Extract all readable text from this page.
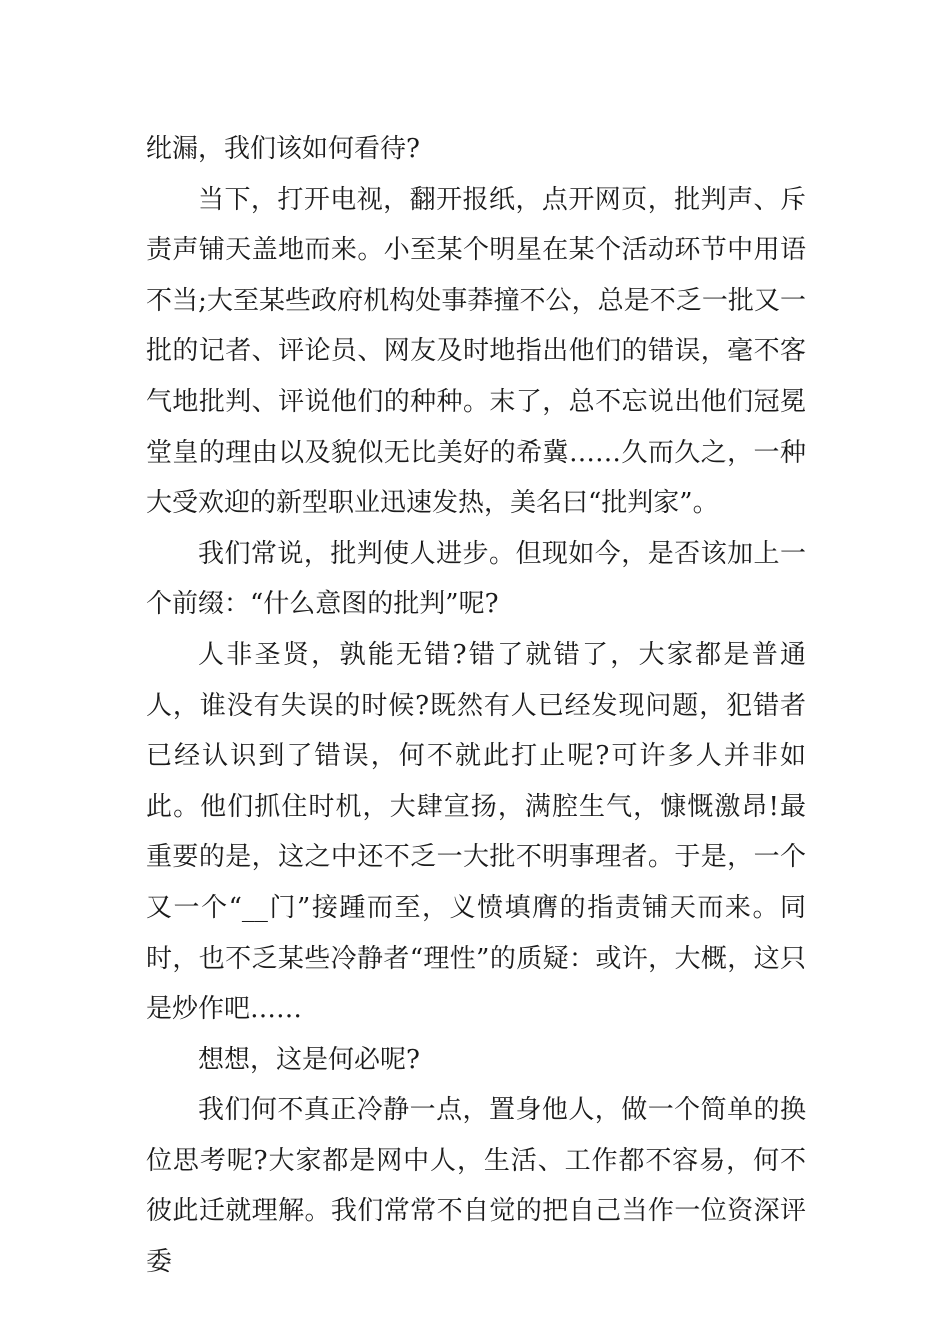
纰漏，我们该如何看待?

当下，打开电视，翻开报纸，点开网页，批判声、斥责声铺天盖地而来。小至某个明星在某个活动环节中用语不当;大至某些政府机构处事莽撞不公，总是不乏一批又一批的记者、评论员、网友及时地指出他们的错误，毫不客气地批判、评说他们的种种。末了，总不忘说出他们冠冕堂皇的理由以及貌似无比美好的希冀……久而久之，一种大受欢迎的新型职业迅速发热，美名曰“批判家”。

我们常说，批判使人进步。但现如今，是否该加上一个前缀：“什么意图的批判”呢?

人非圣贤，孰能无错?错了就错了，大家都是普通人，谁没有失误的时候?既然有人已经发现问题，犯错者已经认识到了错误，何不就此打止呢?可许多人并非如此。他们抓住时机，大肆宣扬，满腔生气，慷慨激昂!最重要的是，这之中还不乏一大批不明事理者。于是，一个又一个“__门”接踵而至，义愤填膺的指责铺天而来。同时，也不乏某些冷静者“理性”的质疑：或许，大概，这只是炒作吧……

想想，这是何必呢?

我们何不真正冷静一点，置身他人，做一个简单的换位思考呢?大家都是网中人，生活、工作都不容易，何不彼此迁就理解。我们常常不自觉的把自己当作一位资深评委
